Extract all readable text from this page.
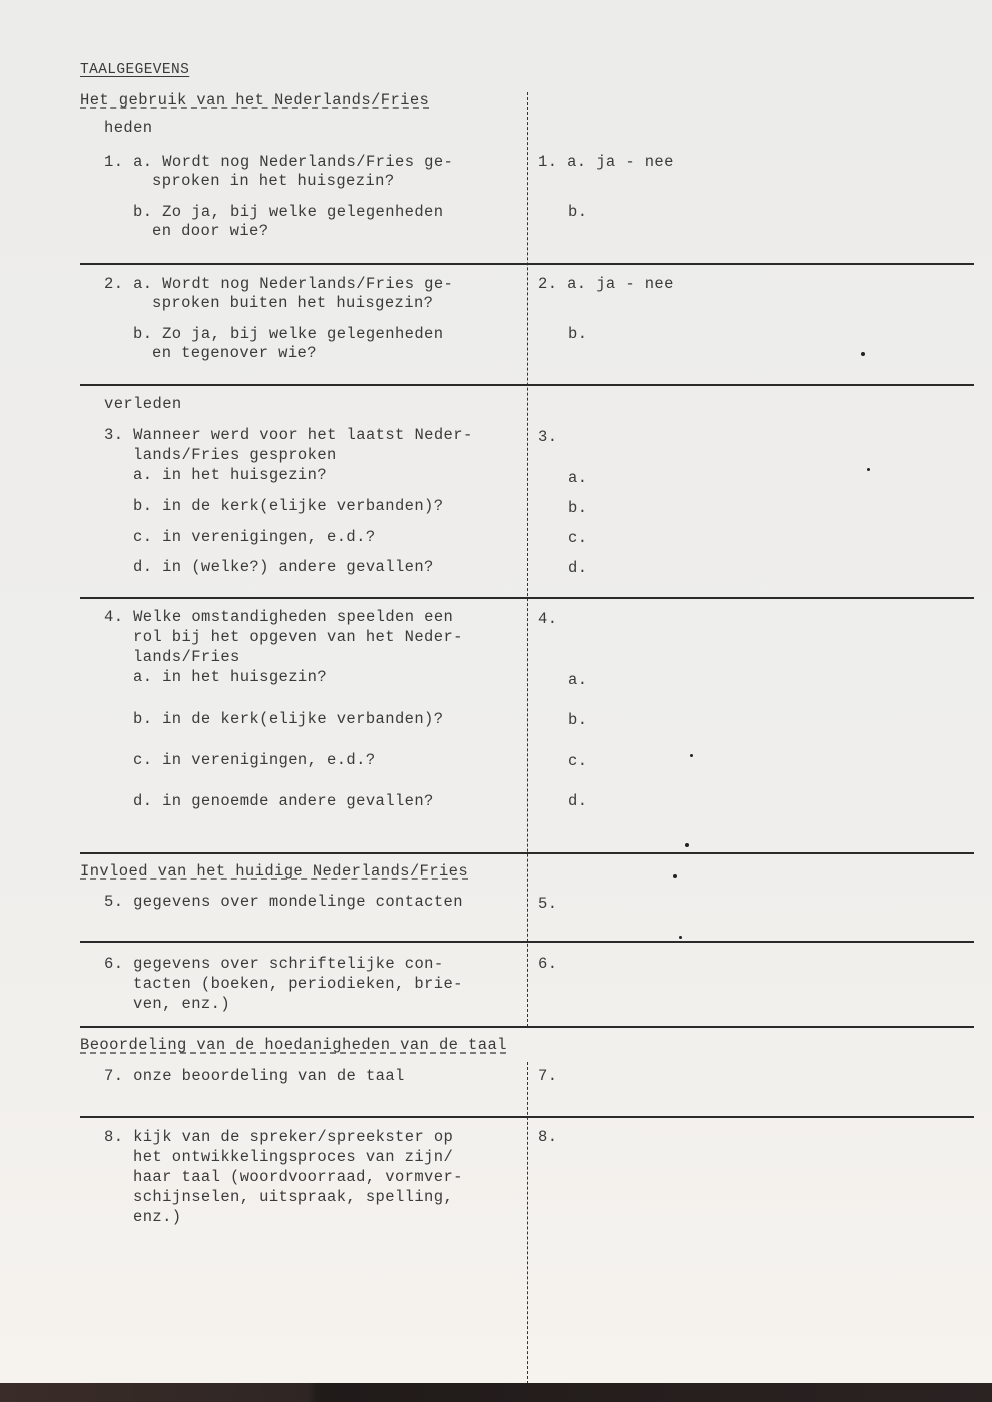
TAALGEGEVENS
Het gebruik van het Nederlands/Fries
heden
1. a. Wordt nog Nederlands/Fries ge-
sproken in het huisgezin?
b. Zo ja, bij welke gelegenheden
en door wie?
1. a. ja - nee
b.
2. a. Wordt nog Nederlands/Fries ge-
sproken buiten het huisgezin?
b. Zo ja, bij welke gelegenheden
en tegenover wie?
2. a. ja - nee
b.
verleden
3. Wanneer werd voor het laatst Neder-
lands/Fries gesproken
a. in het huisgezin?
b. in de kerk(elijke verbanden)?
c. in verenigingen, e.d.?
d. in (welke?) andere gevallen?
3.
a.
b.
c.
d.
4. Welke omstandigheden speelden een
rol bij het opgeven van het Neder-
lands/Fries
a. in het huisgezin?
b. in de kerk(elijke verbanden)?
c. in verenigingen, e.d.?
d. in genoemde andere gevallen?
4.
a.
b.
c.
d.
Invloed van het huidige Nederlands/Fries
5. gegevens over mondelinge contacten	5.
6. gegevens over schriftelijke con-
tacten (boeken, periodieken, brie-
ven, enz.)
6.
Beoordeling van de hoedanigheden van de taal
7. onze beoordeling van de taal	7.
8. kijk van de spreker/spreekster op
het ontwikkelingsproces van zijn/
haar taal (woordvoorraad, vormver-
schijnselen, uitspraak, spelling,
enz.)
8.
